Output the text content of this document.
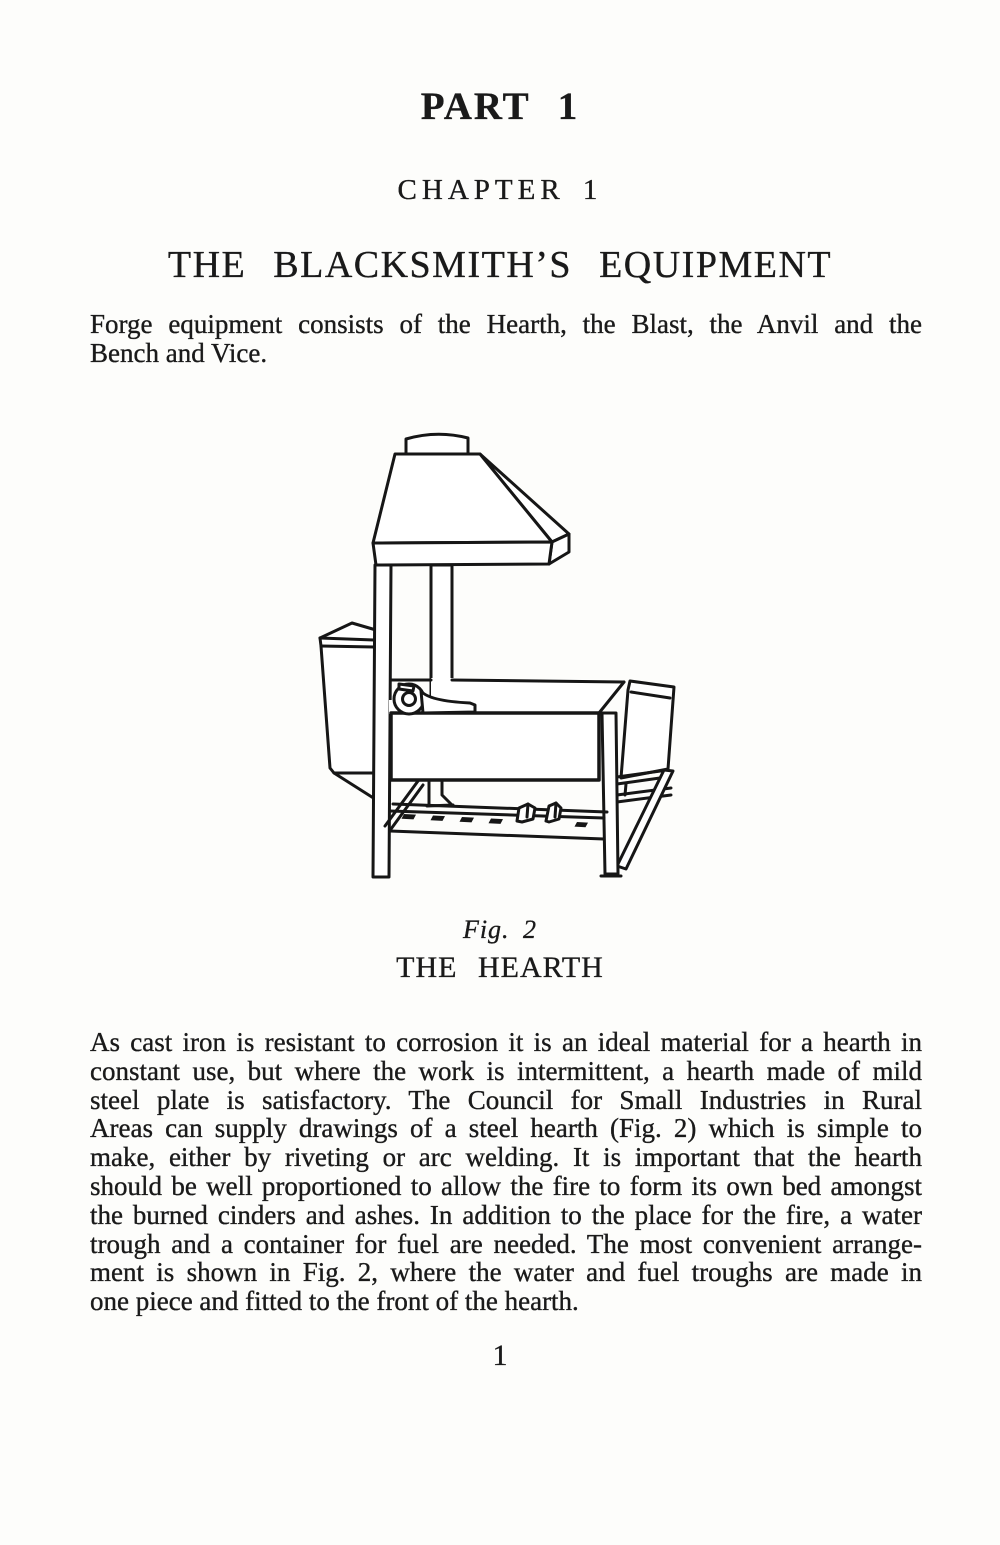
PART 1
CHAPTER 1
THE BLACKSMITH’S EQUIPMENT
Forge equipment consists of the Hearth, the Blast, the Anvil and the
Bench and Vice.
Fig. 2
THE HEARTH
As cast iron is resistant to corrosion it is an ideal material for a hearth in
constant use, but where the work is intermittent, a hearth made of mild
steel plate is satisfactory. The Council for Small Industries in Rural
Areas can supply drawings of a steel hearth (Fig. 2) which is simple to
make, either by riveting or arc welding. It is important that the hearth
should be well proportioned to allow the fire to form its own bed amongst
the burned cinders and ashes. In addition to the place for the fire, a water
trough and a container for fuel are needed. The most convenient arrange-
ment is shown in Fig. 2, where the water and fuel troughs are made in
one piece and fitted to the front of the hearth.
1
